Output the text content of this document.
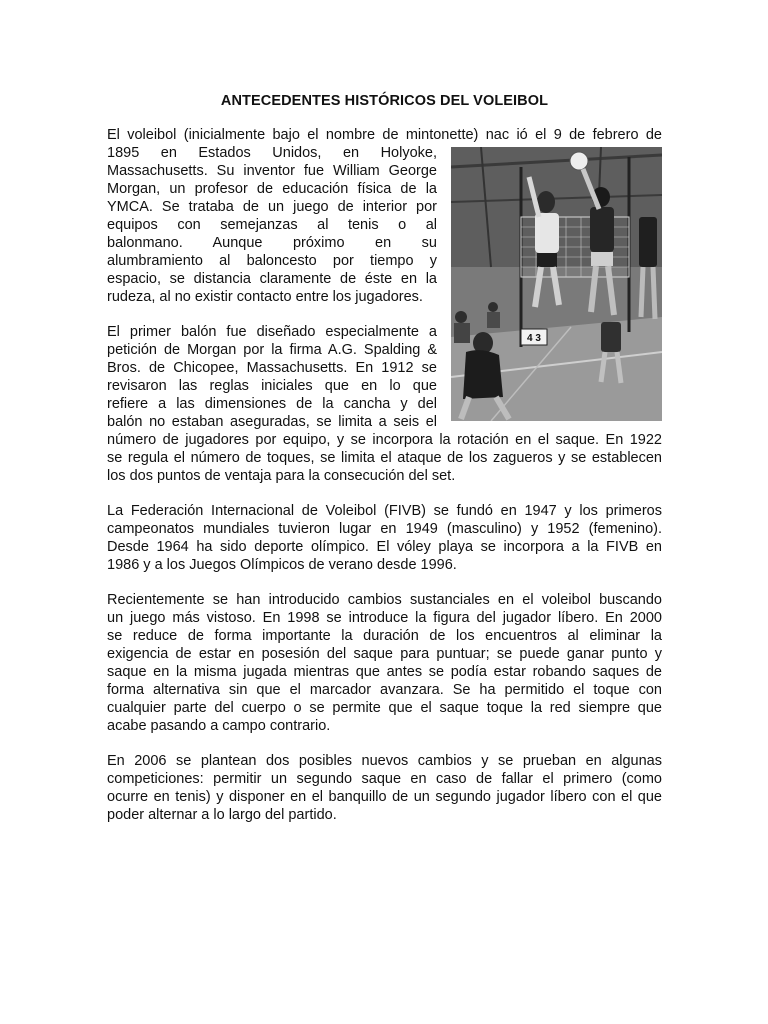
ANTECEDENTES HISTÓRICOS DEL VOLEIBOL
El voleibol (inicialmente bajo el nombre de mintonette) nac ió el 9 de febrero de
1895 en Estados Unidos, en Holyoke,
Massachusetts. Su inventor fue William George
Morgan, un profesor de educación física de la
YMCA. Se trataba de un juego de interior por
equipos con semejanzas al tenis o al
balonmano. Aunque próximo en su
alumbramiento al baloncesto por tiempo y
espacio, se distancia claramente de éste en la
rudeza, al no existir contacto entre los jugadores.
El primer balón fue diseñado especialmente a
petición de Morgan por la firma A.G. Spalding &
Bros. de Chicopee, Massachusetts. En 1912 se
revisaron las reglas iniciales que en lo que
refiere a las dimensiones de la cancha y del
balón no estaban aseguradas, se limita a seis el
número de jugadores por equipo, y se incorpora la rotación en el saque. En 1922
se regula el número de toques, se limita el ataque de los zagueros y se establecen
los dos puntos de ventaja para la consecución del set.
La Federación Internacional de Voleibol (FIVB) se fundó en 1947 y los primeros
campeonatos mundiales tuvieron lugar en 1949 (masculino) y 1952 (femenino).
Desde 1964 ha sido deporte olímpico. El vóley playa se incorpora a la FIVB en
1986 y a los Juegos Olímpicos de verano desde 1996.
Recientemente se han introducido cambios sustanciales en el voleibol buscando
un juego más vistoso. En 1998 se introduce la figura del jugador líbero. En 2000
se reduce de forma importante la duración de los encuentros al eliminar la
exigencia de estar en posesión del saque para puntuar; se puede ganar punto y
saque en la misma jugada mientras que antes se podía estar robando saques de
forma alternativa sin que el marcador avanzara. Se ha permitido el toque con
cualquier parte del cuerpo o se permite que el saque toque la red siempre que
acabe pasando a campo contrario.
En 2006 se plantean dos posibles nuevos cambios y se prueban en algunas
competiciones: permitir un segundo saque en caso de fallar el primero (como
ocurre en tenis) y disponer en el banquillo de un segundo jugador líbero con el que
poder alternar a lo largo del partido.
4 3
